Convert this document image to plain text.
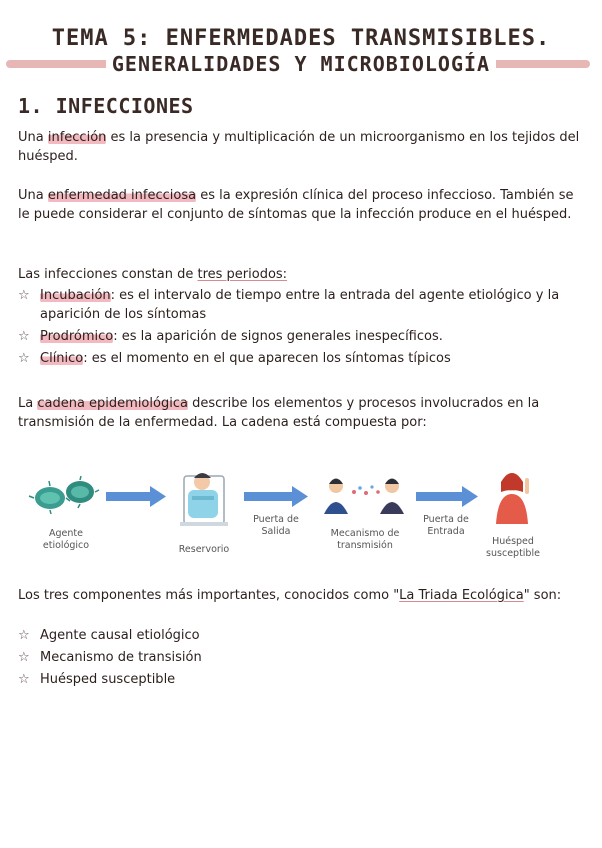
TEMA 5: ENFERMEDADES TRANSMISIBLES.
GENERALIDADES Y MICROBIOLOGÍA
1. INFECCIONES
Una infección es la presencia y multiplicación de un microorganismo en los tejidos del huésped.
Una enfermedad infecciosa es la expresión clínica del proceso infeccioso. También se le puede considerar el conjunto de síntomas que la infección produce en el huésped.
Las infecciones constan de tres periodos:
☆ Incubación: es el intervalo de tiempo entre la entrada del agente etiológico y la aparición de los síntomas
☆ Prodrómico: es la aparición de signos generales inespecíficos.
☆ Clínico: es el momento en el que aparecen los síntomas típicos
La cadena epidemiológica describe los elementos y procesos involucrados en la transmisión de la enfermedad. La cadena está compuesta por:
Agente etiológico	Reservorio
Puerta de Salida	Mecanismo de transmisión
Puerta de Entrada
Huésped susceptible
Los tres componentes más importantes, conocidos como "La Triada Ecológica" son:
☆ Agente causal etiológico
☆ Mecanismo de transisión
☆ Huésped susceptible
